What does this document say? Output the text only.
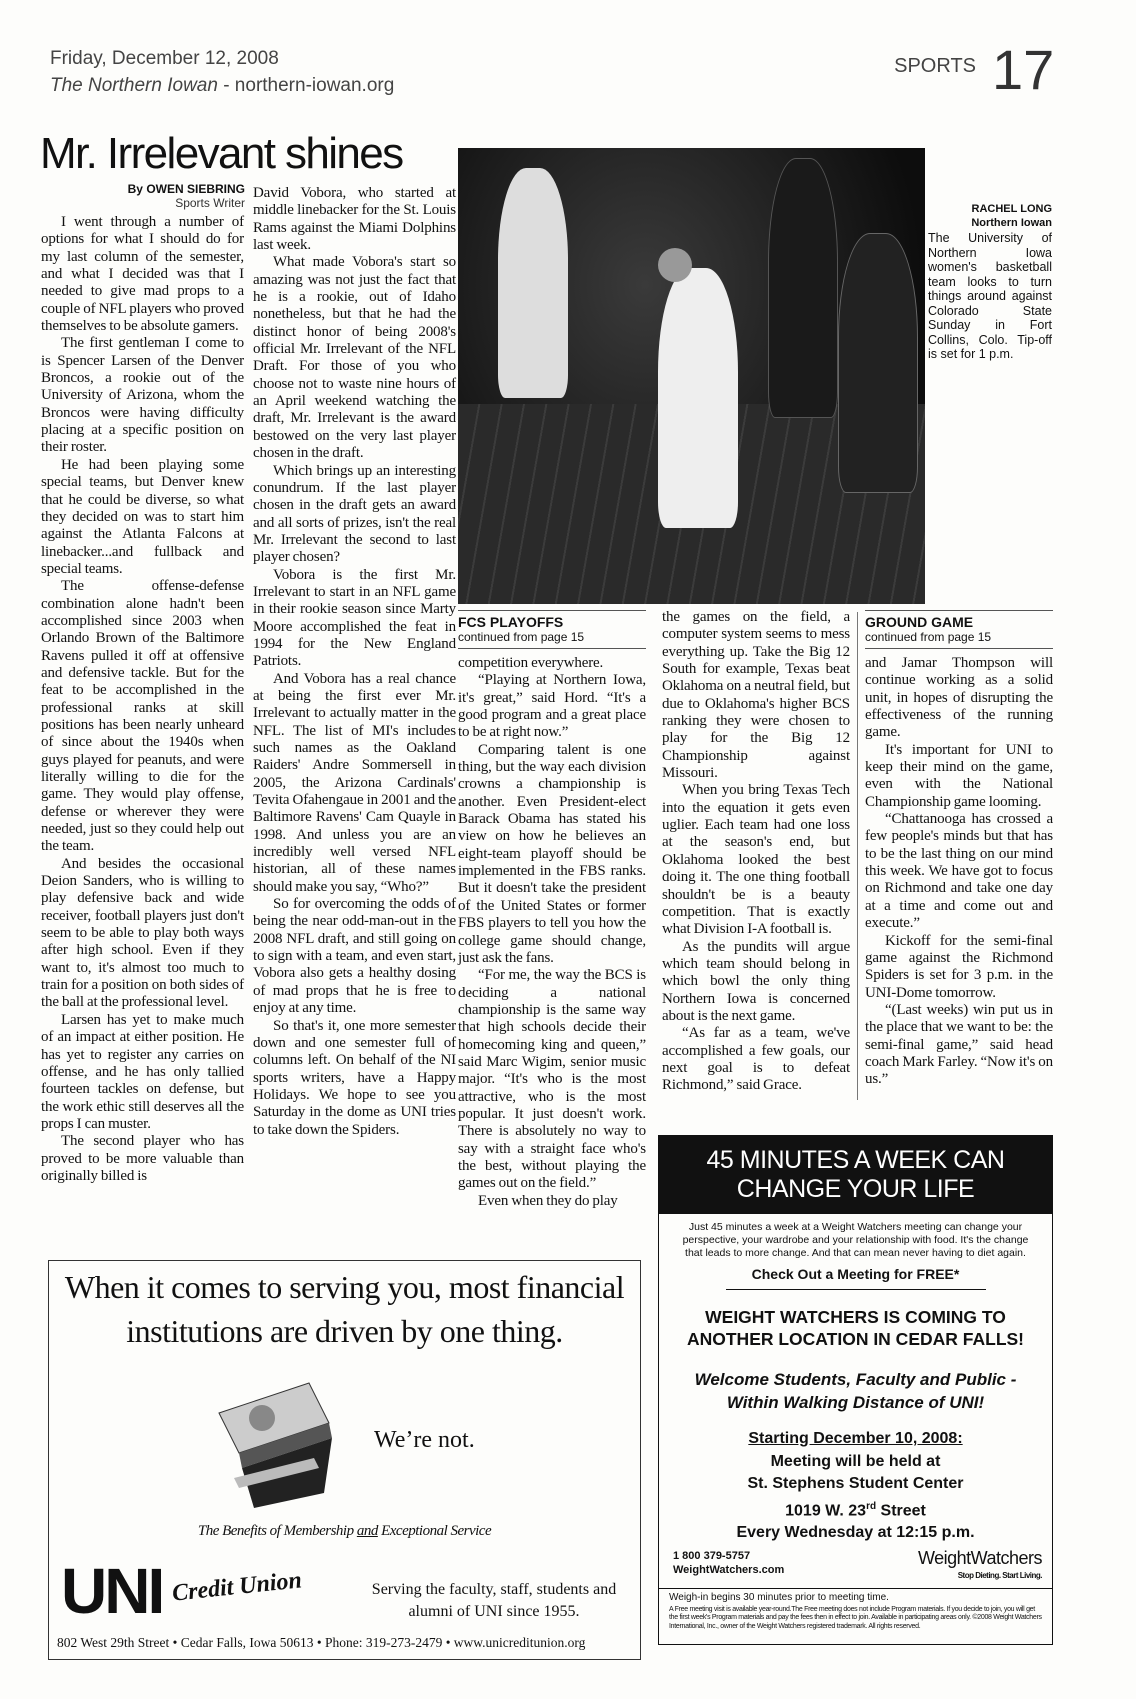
Friday, December 12, 2008
The Northern Iowan - northern-iowan.org
SPORTS 17
Mr. Irrelevant shines
By OWEN SIEBRING
Sports Writer

I went through a number of options for what I should do for my last column of the semester, and what I decided was that I needed to give mad props to a couple of NFL players who proved themselves to be absolute gamers.

The first gentleman I come to is Spencer Larsen of the Denver Broncos, a rookie out of the University of Arizona, whom the Broncos were having difficulty placing at a specific position on their roster.

He had been playing some special teams, but Denver knew that he could be diverse, so what they decided on was to start him against the Atlanta Falcons at linebacker...and fullback and special teams.

The offense-defense combination alone hadn't been accomplished since 2003 when Orlando Brown of the Baltimore Ravens pulled it off at offensive and defensive tackle. But for the feat to be accomplished in the professional ranks at skill positions has been nearly unheard of since about the 1940s when guys played for peanuts, and were literally willing to die for the game. They would play offense, defense or wherever they were needed, just so they could help out the team.

And besides the occasional Deion Sanders, who is willing to play defensive back and wide receiver, football players just don't seem to be able to play both ways after high school. Even if they want to, it's almost too much to train for a position on both sides of the ball at the professional level.

Larsen has yet to make much of an impact at either position. He has yet to register any carries on offense, and he has only tallied fourteen tackles on defense, but the work ethic still deserves all the props I can muster.

The second player who has proved to be more valuable than originally billed is

David Vobora, who started at middle linebacker for the St. Louis Rams against the Miami Dolphins last week.

What made Vobora's start so amazing was not just the fact that he is a rookie, out of Idaho nonetheless, but that he had the distinct honor of being 2008's official Mr. Irrelevant of the NFL Draft. For those of you who choose not to waste nine hours of an April weekend watching the draft, Mr. Irrelevant is the award bestowed on the very last player chosen in the draft.

Which brings up an interesting conundrum. If the last player chosen in the draft gets an award and all sorts of prizes, isn't the real Mr. Irrelevant the second to last player chosen?

Vobora is the first Mr. Irrelevant to start in an NFL game in their rookie season since Marty Moore accomplished the feat in 1994 for the New England Patriots.

And Vobora has a real chance at being the first ever Mr. Irrelevant to actually matter in the NFL. The list of MI's includes such names as the Oakland Raiders' Andre Sommersell in 2005, the Arizona Cardinals' Tevita Ofahengaue in 2001 and the Baltimore Ravens' Cam Quayle in 1998. And unless you are an incredibly well versed NFL historian, all of these names should make you say, “Who?”

So for overcoming the odds of being the near odd-man-out in the 2008 NFL draft, and still going on to sign with a team, and even start, Vobora also gets a healthy dosing of mad props that he is free to enjoy at any time.

So that's it, one more semester down and one semester full of columns left. On behalf of the NI sports writers, have a Happy Holidays. We hope to see you Saturday in the dome as UNI tries to take down the Spiders.

RACHEL LONG
Northern Iowan
The University of Northern Iowa women's basketball team looks to turn things around against Colorado State Sunday in Fort Collins, Colo. Tip-off is set for 1 p.m.
FCS PLAYOFFS
continued from page 15

competition everywhere.

“Playing at Northern Iowa, it's great,” said Hord. “It's a good program and a great place to be at right now.”

Comparing talent is one thing, but the way each division crowns a championship is another. Even President-elect Barack Obama has stated his view on how he believes an eight-team playoff should be implemented in the FBS ranks. But it doesn't take the president of the United States or former FBS players to tell you how the college game should change, just ask the fans.

“For me, the way the BCS is deciding a national championship is the same way that high schools decide their homecoming king and queen,” said Marc Wigim, senior music major. “It's who is the most attractive, who is the most popular. It just doesn't work. There is absolutely no way to say with a straight face who's the best, without playing the games out on the field.”

Even when they do play

the games on the field, a computer system seems to mess everything up. Take the Big 12 South for example, Texas beat Oklahoma on a neutral field, but due to Oklahoma's higher BCS ranking they were chosen to play for the Big 12 Championship against Missouri.

When you bring Texas Tech into the equation it gets even uglier. Each team had one loss at the season's end, but Oklahoma looked the best doing it. The one thing football shouldn't be is a beauty competition. That is exactly what Division I-A football is.

As the pundits will argue which team should belong in which bowl the only thing Northern Iowa is concerned about is the next game.

“As far as a team, we've accomplished a few goals, our next goal is to defeat Richmond,” said Grace.

GROUND GAME
continued from page 15

and Jamar Thompson will continue working as a solid unit, in hopes of disrupting the effectiveness of the running game.

It's important for UNI to keep their mind on the game, even with the National Championship game looming.

“Chattanooga has crossed a few people's minds but that has to be the last thing on our mind this week. We have got to focus on Richmond and take one day at a time and come out and execute.”

Kickoff for the semi-final game against the Richmond Spiders is set for 3 p.m. in the UNI-Dome tomorrow.

“(Last weeks) win put us in the place that we want to be: the semi-final game,” said head coach Mark Farley. “Now it's on us.”

45 MINUTES A WEEK CAN
CHANGE YOUR LIFE
Just 45 minutes a week at a Weight Watchers meeting can change your perspective, your wardrobe and your relationship with food. It's the change that leads to more change. And that can mean never having to diet again.
Check Out a Meeting for FREE*
WEIGHT WATCHERS IS COMING TO
ANOTHER LOCATION IN CEDAR FALLS!
Welcome Students, Faculty and Public -
Within Walking Distance of UNI!
Starting December 10, 2008:
Meeting will be held at
St. Stephens Student Center
1019 W. 23rd Street
Every Wednesday at 12:15 p.m.
1 800 379-5757
WeightWatchers.com
WeightWatchers
Stop Dieting. Start Living.
Weigh-in begins 30 minutes prior to meeting time.
A Free meeting visit is available year-round.The Free meeting does not include Program materials. If you decide to join, you will get the first week's Program materials and pay the fees then in effect to join. Available in participating areas only. ©2008 Weight Watchers International, Inc., owner of the Weight Watchers registered trademark. All rights reserved.
When it comes to serving you, most financial
institutions are driven by one thing.
We’re not.
The Benefits of Membership and Exceptional Service
UNI Credit Union	Serving the faculty, staff, students and alumni of UNI since 1955.
802 West 29th Street • Cedar Falls, Iowa 50613 • Phone: 319-273-2479 • www.unicreditunion.org
